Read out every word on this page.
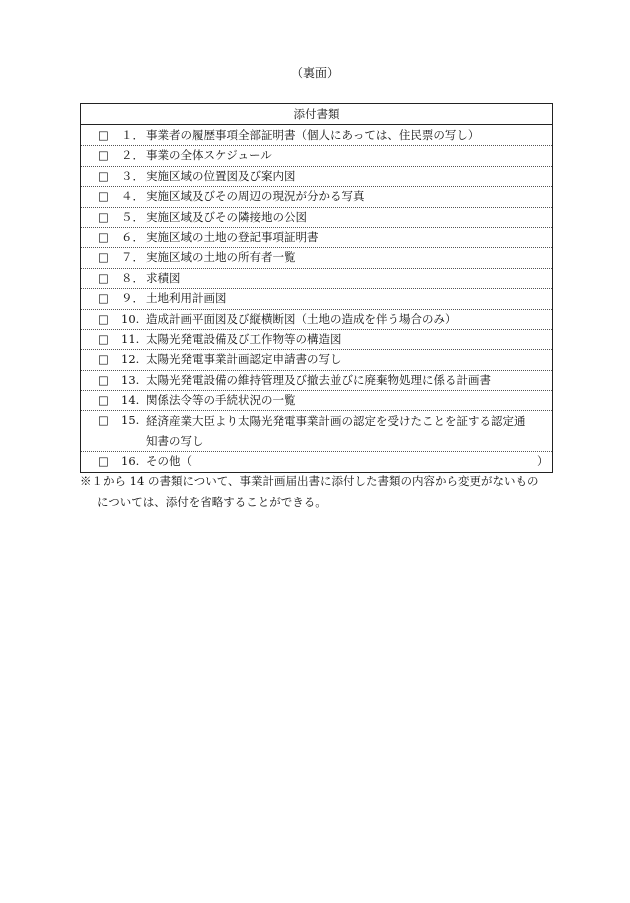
（裏面）
添付書類
□ １． 事業者の履歴事項全部証明書（個人にあっては、住民票の写し）
□ ２． 事業の全体スケジュール
□ ３． 実施区域の位置図及び案内図
□ ４． 実施区域及びその周辺の現況が分かる写真
□ ５． 実施区域及びその隣接地の公図
□ ６． 実施区域の土地の登記事項証明書
□ ７． 実施区域の土地の所有者一覧
□ ８． 求積図
□ ９． 土地利用計画図
□ 10. 造成計画平面図及び縦横断図（土地の造成を伴う場合のみ）
□ 11. 太陽光発電設備及び工作物等の構造図
□ 12. 太陽光発電事業計画認定申請書の写し
□ 13. 太陽光発電設備の維持管理及び撤去並びに廃棄物処理に係る計画書
□ 14. 関係法令等の手続状況の一覧
□ 15. 経済産業大臣より太陽光発電事業計画の認定を受けたことを証する認定通
知書の写し
□ 16. その他（	）
※１から 14 の書類について、事業計画届出書に添付した書類の内容から変更がないもの
については、添付を省略することができる。
